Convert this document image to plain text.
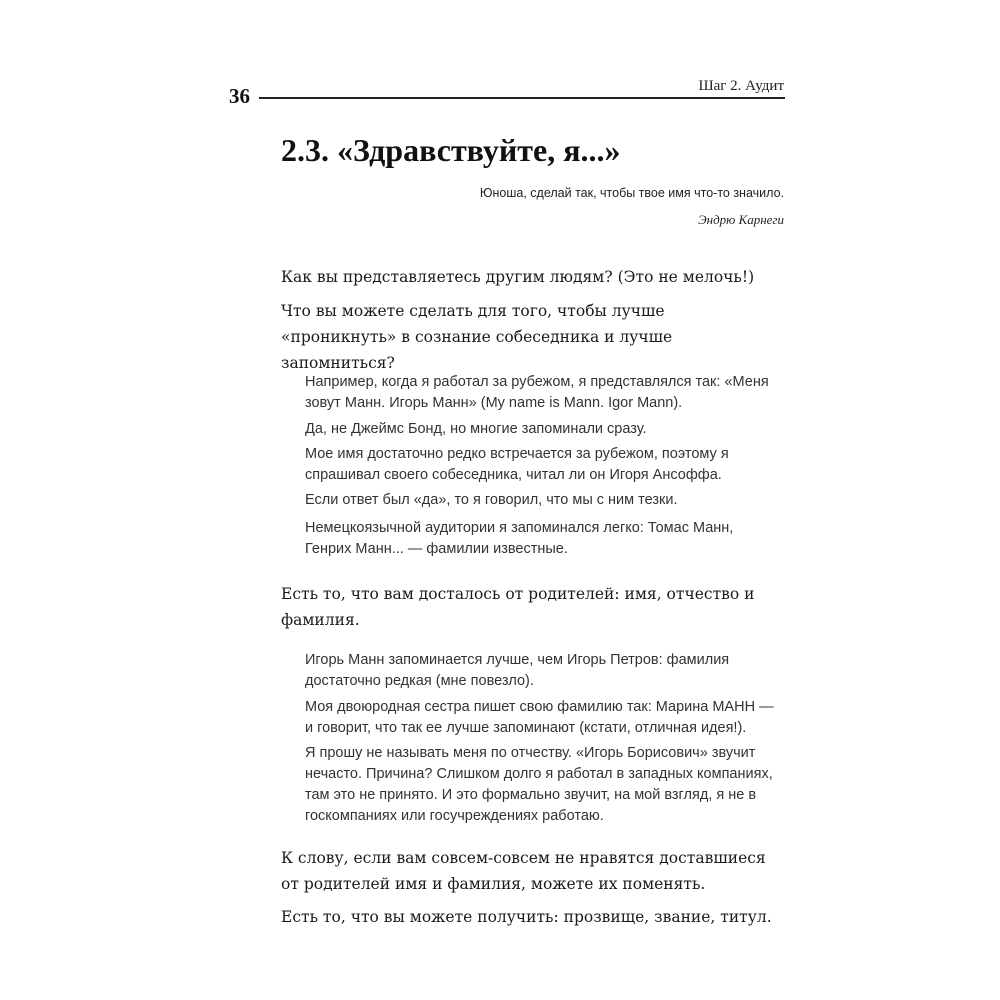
Шаг 2. Аудит
36
2.3. «Здравствуйте, я...»
Юноша, сделай так, чтобы твое имя что-то значило.
Эндрю Карнеги

Как вы представляетесь другим людям? (Это не мелочь!)

Что вы можете сделать для того, чтобы лучше «проникнуть» в сознание собеседника и лучше запомниться?

Например, когда я работал за рубежом, я представлялся так: «Меня зовут Манн. Игорь Манн» (My name is Mann. Igor Mann).

Да, не Джеймс Бонд, но многие запоминали сразу.

Мое имя достаточно редко встречается за рубежом, поэтому я спрашивал своего собеседника, читал ли он Игоря Ансоффа.

Если ответ был «да», то я говорил, что мы с ним тезки.

Немецкоязычной аудитории я запоминался легко: Томас Манн, Генрих Манн... — фамилии известные.

Есть то, что вам досталось от родителей: имя, отчество и фамилия.

Игорь Манн запоминается лучше, чем Игорь Петров: фамилия достаточно редкая (мне повезло).

Моя двоюродная сестра пишет свою фамилию так: Марина МАНН — и говорит, что так ее лучше запоминают (кстати, отличная идея!).

Я прошу не называть меня по отчеству. «Игорь Борисович» звучит нечасто. Причина? Слишком долго я работал в западных компаниях, там это не принято. И это формально звучит, на мой взгляд, я не в госкомпаниях или госучреждениях работаю.

К слову, если вам совсем-совсем не нравятся доставшиеся от родителей имя и фамилия, можете их поменять.

Есть то, что вы можете получить: прозвище, звание, титул.
